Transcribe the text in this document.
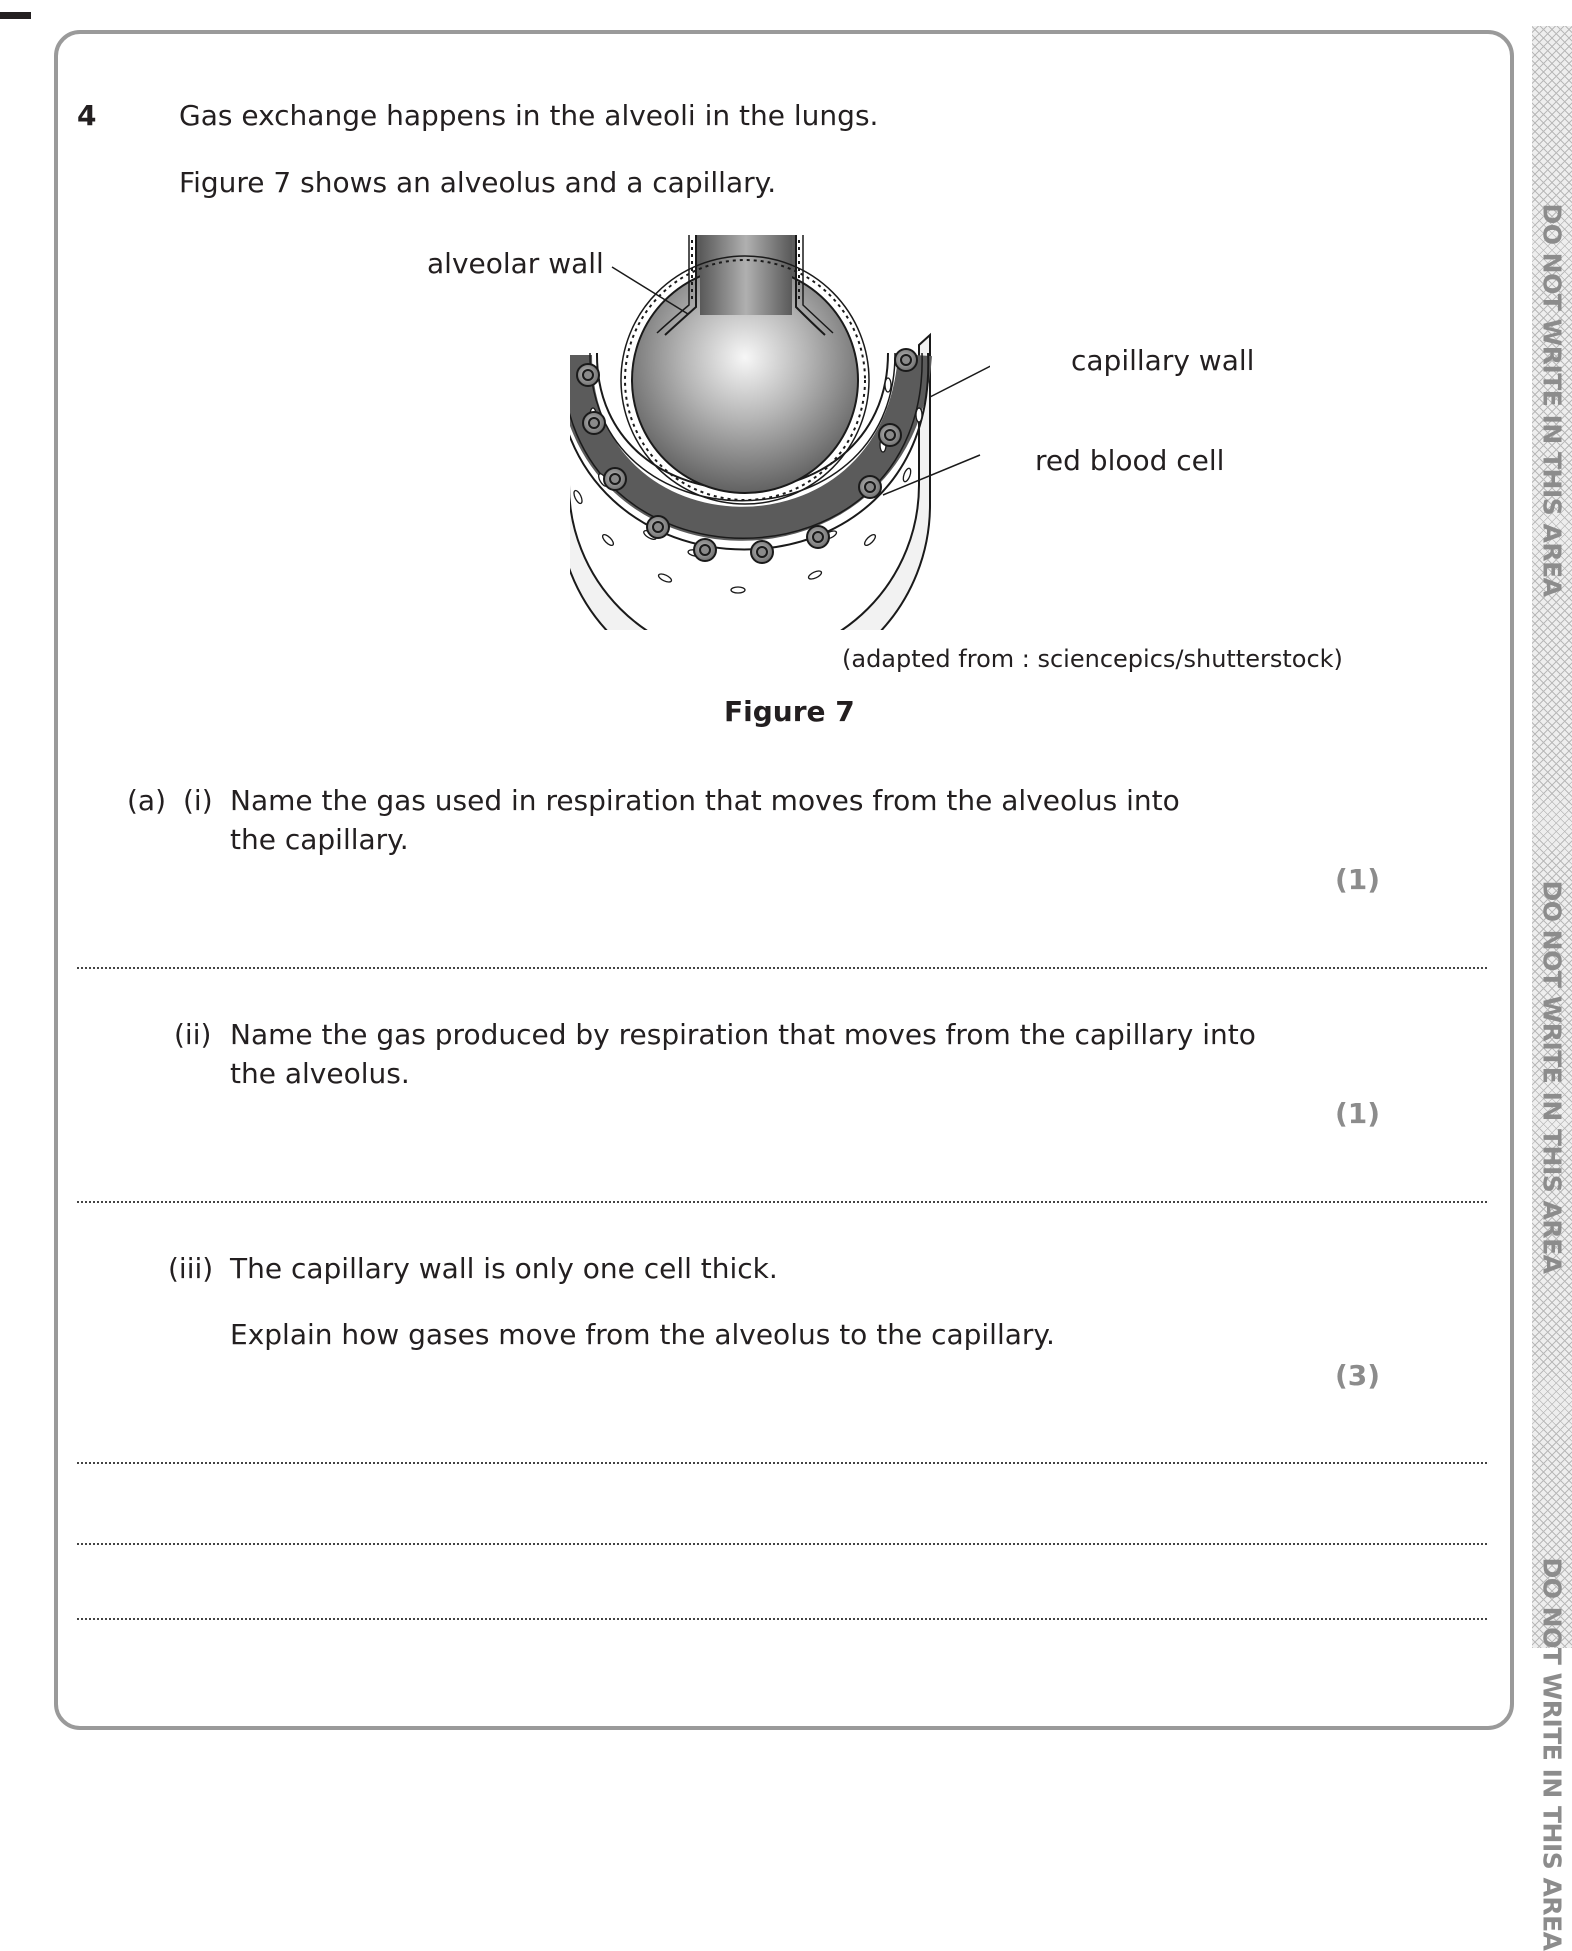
DO NOT WRITE IN THIS AREA
DO NOT WRITE IN THIS AREA
DO NOT WRITE IN THIS AREA
4	Gas exchange happens in the alveoli in the lungs.
Figure 7 shows an alveolus and a capillary.
alveolar wall
capillary wall
red blood cell
(adapted from : sciencepics/shutterstock)
Figure 7
(a) (i) Name the gas used in respiration that moves from the alveolus into
the capillary.
(1)
(ii) Name the gas produced by respiration that moves from the capillary into
the alveolus.
(1)
(iii) The capillary wall is only one cell thick.
Explain how gases move from the alveolus to the capillary.
(3)
